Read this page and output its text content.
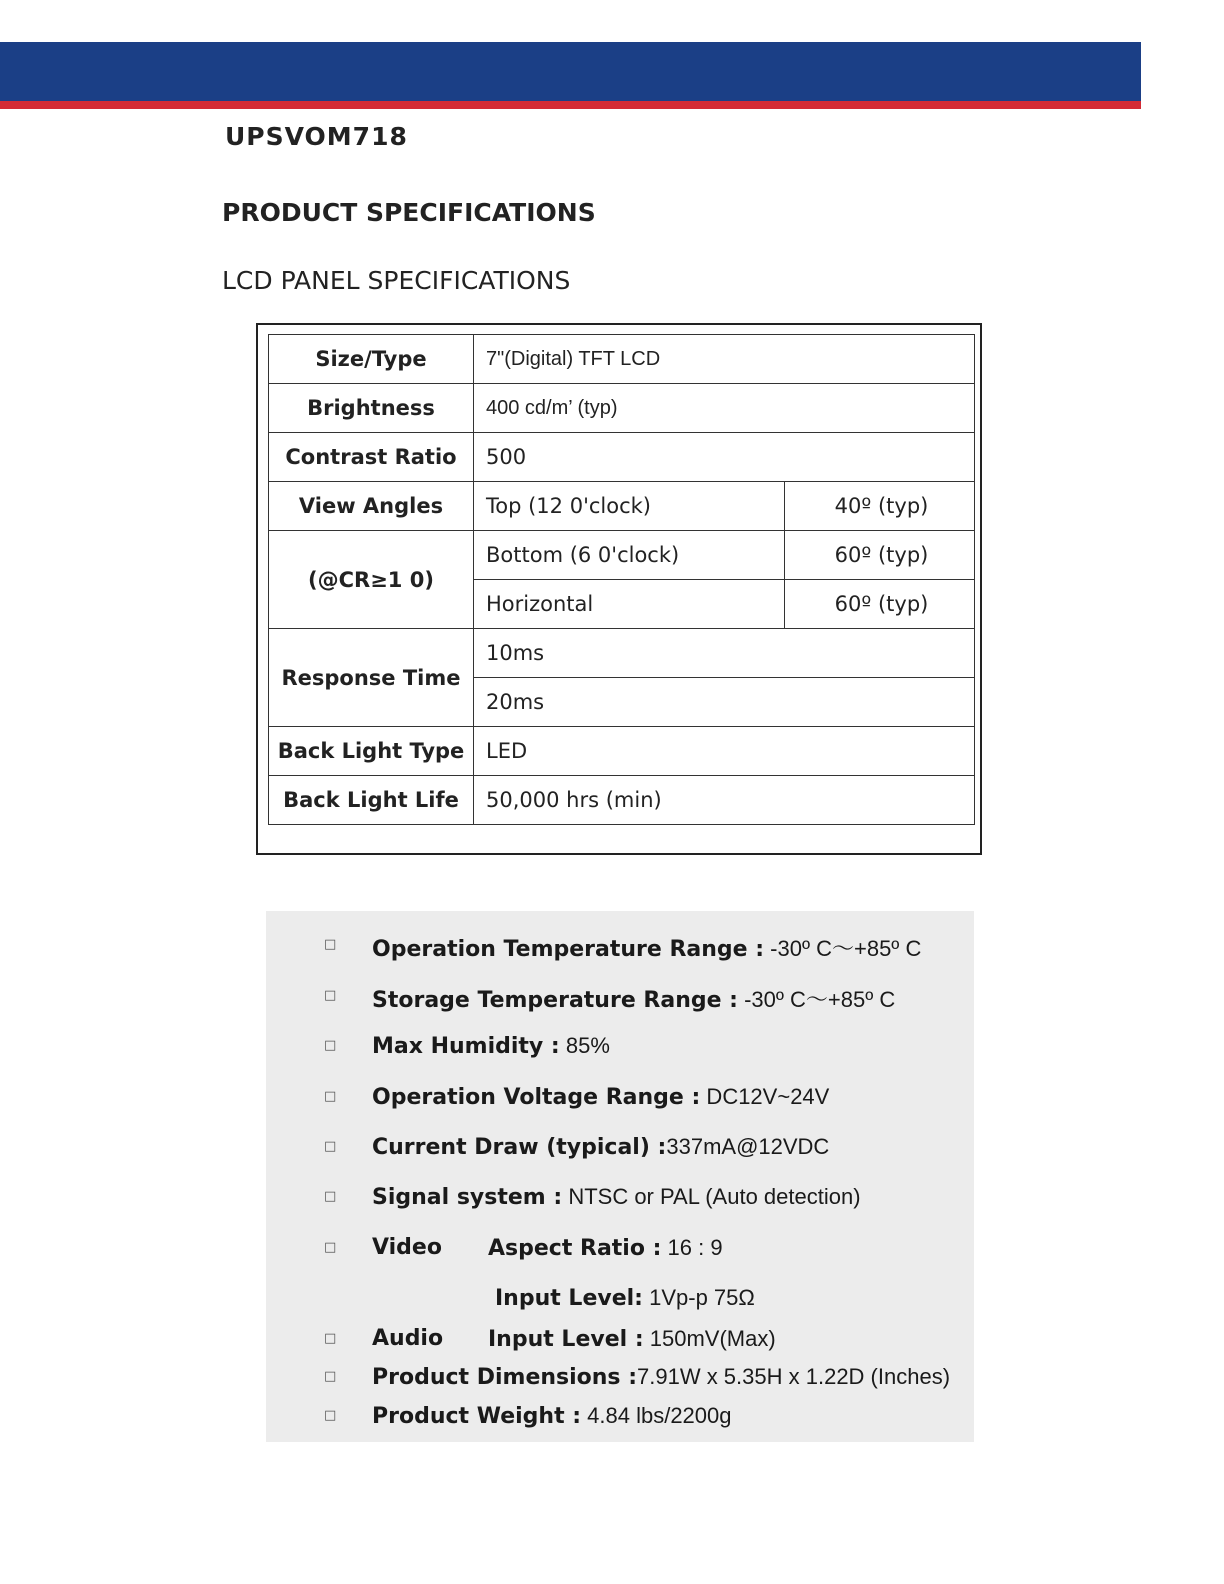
UPSVOM718
PRODUCT SPECIFICATIONS
LCD PANEL SPECIFICATIONS
Size/Type	7"(Digital) TFT LCD	
Brightness	400 cd/m’ (typ)	
Contrast Ratio	500	
View Angles	Top (12 0'clock)	40º (typ)
(@CR≥1 0)	Bottom (6 0'clock)	60º (typ)
	Horizontal	60º (typ)
Response Time	10ms	
	20ms	
Back Light Type	LED	
Back Light Life	50,000 hrs (min)	
□ Operation Temperature Range : -30º C～+85º C
□ Storage Temperature Range : -30º C～+85º C
□ Max Humidity : 85%
□ Operation Voltage Range : DC12V~24V
□ Current Draw (typical) :337mA@12VDC
□ Signal system : NTSC or PAL (Auto detection)
□ Video Aspect Ratio : 16 : 9
Input Level: 1Vp-p 75Ω
□ Audio Input Level : 150mV(Max)
□ Product Dimensions :7.91W x 5.35H x 1.22D (Inches)
□ Product Weight : 4.84 lbs/2200g
